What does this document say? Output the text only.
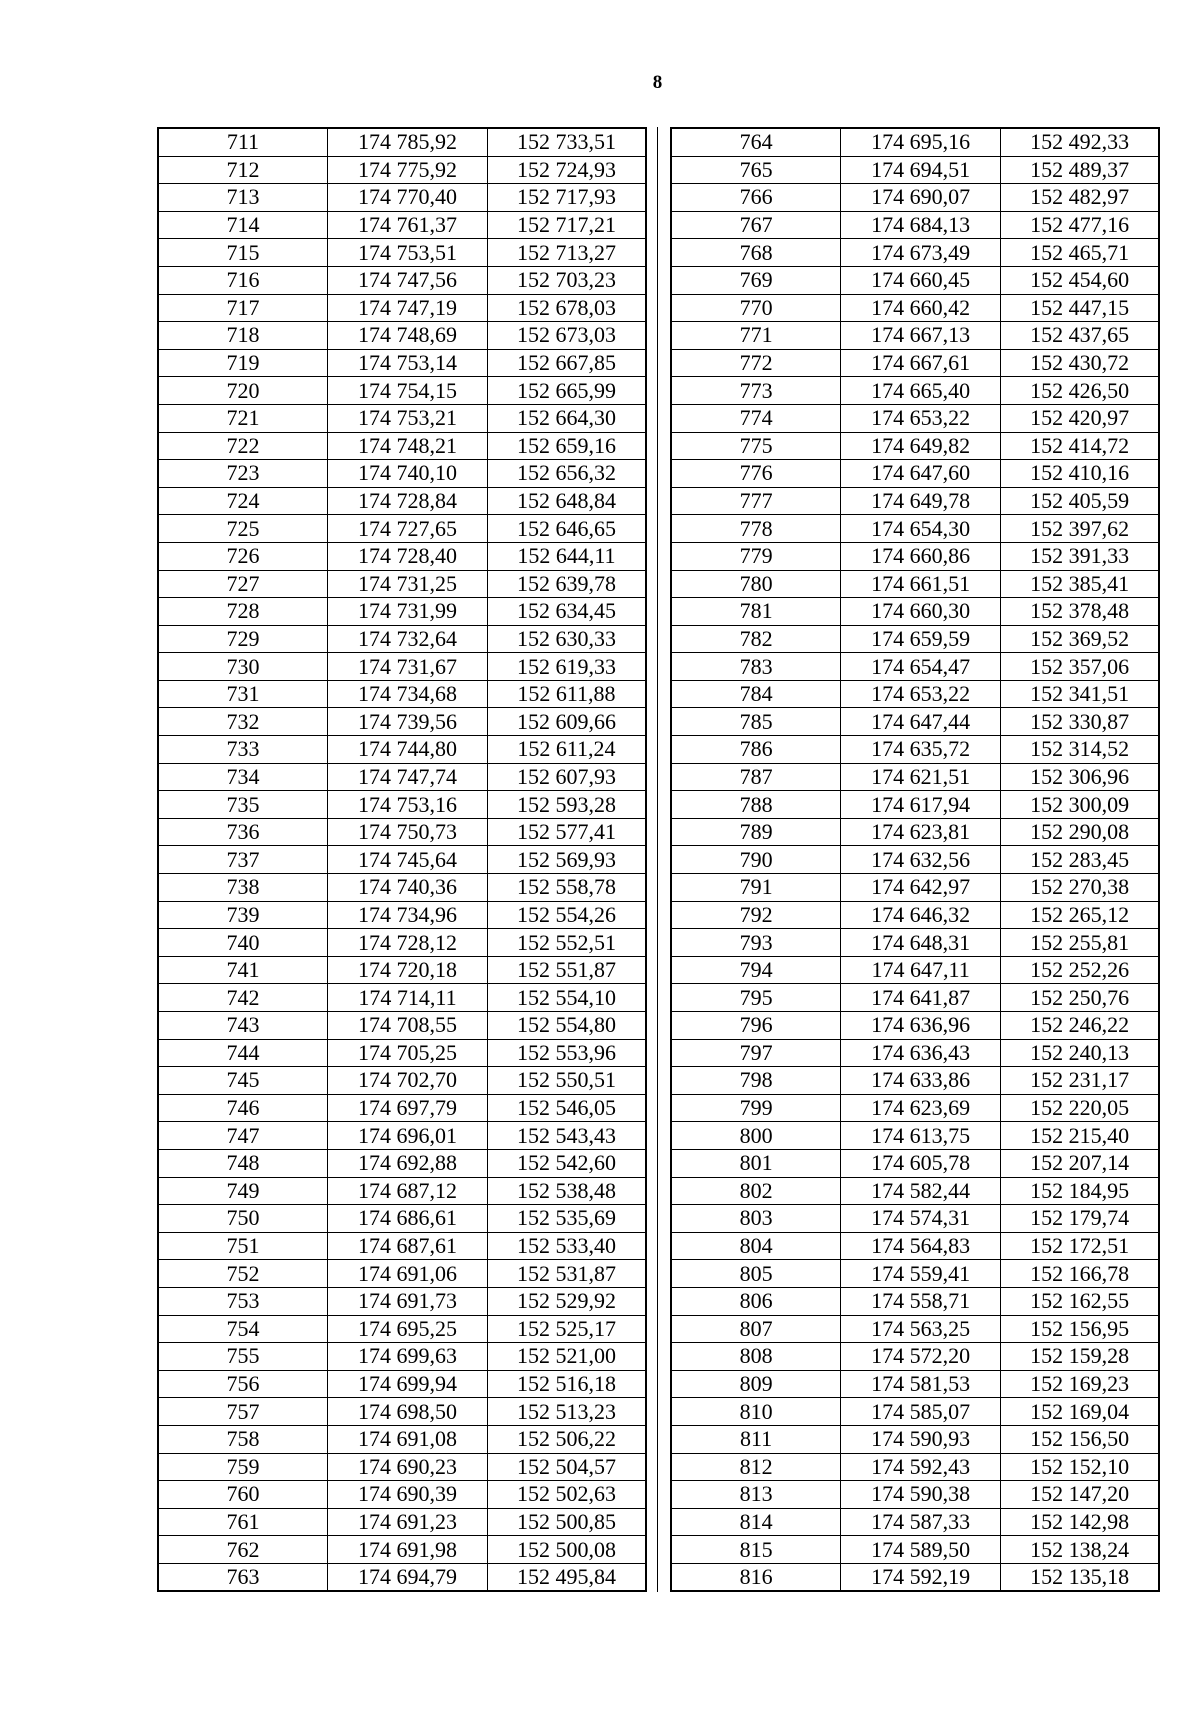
8
711	174 785,92	152 733,51
712	174 775,92	152 724,93
713	174 770,40	152 717,93
714	174 761,37	152 717,21
715	174 753,51	152 713,27
716	174 747,56	152 703,23
717	174 747,19	152 678,03
718	174 748,69	152 673,03
719	174 753,14	152 667,85
720	174 754,15	152 665,99
721	174 753,21	152 664,30
722	174 748,21	152 659,16
723	174 740,10	152 656,32
724	174 728,84	152 648,84
725	174 727,65	152 646,65
726	174 728,40	152 644,11
727	174 731,25	152 639,78
728	174 731,99	152 634,45
729	174 732,64	152 630,33
730	174 731,67	152 619,33
731	174 734,68	152 611,88
732	174 739,56	152 609,66
733	174 744,80	152 611,24
734	174 747,74	152 607,93
735	174 753,16	152 593,28
736	174 750,73	152 577,41
737	174 745,64	152 569,93
738	174 740,36	152 558,78
739	174 734,96	152 554,26
740	174 728,12	152 552,51
741	174 720,18	152 551,87
742	174 714,11	152 554,10
743	174 708,55	152 554,80
744	174 705,25	152 553,96
745	174 702,70	152 550,51
746	174 697,79	152 546,05
747	174 696,01	152 543,43
748	174 692,88	152 542,60
749	174 687,12	152 538,48
750	174 686,61	152 535,69
751	174 687,61	152 533,40
752	174 691,06	152 531,87
753	174 691,73	152 529,92
754	174 695,25	152 525,17
755	174 699,63	152 521,00
756	174 699,94	152 516,18
757	174 698,50	152 513,23
758	174 691,08	152 506,22
759	174 690,23	152 504,57
760	174 690,39	152 502,63
761	174 691,23	152 500,85
762	174 691,98	152 500,08
763	174 694,79	152 495,84
764	174 695,16	152 492,33
765	174 694,51	152 489,37
766	174 690,07	152 482,97
767	174 684,13	152 477,16
768	174 673,49	152 465,71
769	174 660,45	152 454,60
770	174 660,42	152 447,15
771	174 667,13	152 437,65
772	174 667,61	152 430,72
773	174 665,40	152 426,50
774	174 653,22	152 420,97
775	174 649,82	152 414,72
776	174 647,60	152 410,16
777	174 649,78	152 405,59
778	174 654,30	152 397,62
779	174 660,86	152 391,33
780	174 661,51	152 385,41
781	174 660,30	152 378,48
782	174 659,59	152 369,52
783	174 654,47	152 357,06
784	174 653,22	152 341,51
785	174 647,44	152 330,87
786	174 635,72	152 314,52
787	174 621,51	152 306,96
788	174 617,94	152 300,09
789	174 623,81	152 290,08
790	174 632,56	152 283,45
791	174 642,97	152 270,38
792	174 646,32	152 265,12
793	174 648,31	152 255,81
794	174 647,11	152 252,26
795	174 641,87	152 250,76
796	174 636,96	152 246,22
797	174 636,43	152 240,13
798	174 633,86	152 231,17
799	174 623,69	152 220,05
800	174 613,75	152 215,40
801	174 605,78	152 207,14
802	174 582,44	152 184,95
803	174 574,31	152 179,74
804	174 564,83	152 172,51
805	174 559,41	152 166,78
806	174 558,71	152 162,55
807	174 563,25	152 156,95
808	174 572,20	152 159,28
809	174 581,53	152 169,23
810	174 585,07	152 169,04
811	174 590,93	152 156,50
812	174 592,43	152 152,10
813	174 590,38	152 147,20
814	174 587,33	152 142,98
815	174 589,50	152 138,24
816	174 592,19	152 135,18
